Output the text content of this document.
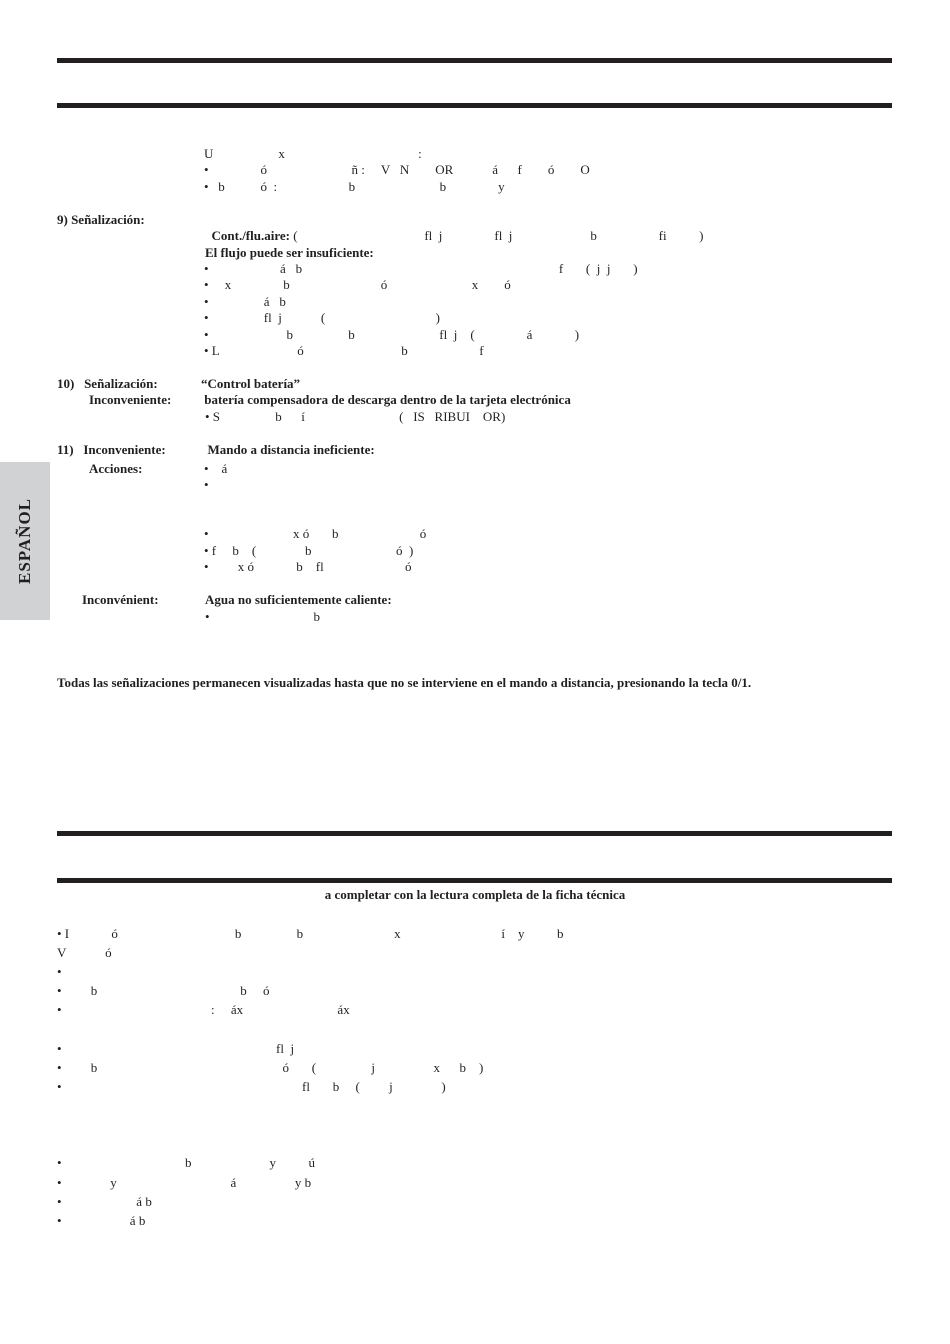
ESPAÑOL
U                    x                                         :
•                ó                          ñ :     V   N        OR            á      f        ó        O
•   b           ó  :                      b                          b                y
9) Señalización:

Cont./flu.aire: (                                       fl  j                fl  j                        b                   fi          )

El flujo puede ser insuficiente:
•                      á   b                                                                               f       (  j  j       )
•     x                b                            ó                          x        ó
•                 á   b
•                 fl  j            (                                  )
•                        b                 b                          fl  j    (                á             )
• L                        ó                              b                      f
10)   Señalización:	“Control batería”
Inconveniente: batería compensadora de descarga dentro de la tarjeta electrónica
• S                 b      í                             (   IS   RIBUI    OR)
11)   Inconveniente:	Mando a distancia ineficiente:
Acciones:	•    á
•
•                          x ó       b                         ó
• f     b    (               b                          ó  )
•         x ó             b    fl                         ó
Inconvénient:	Agua no suficientemente caliente:
•                                b
Todas las señalizaciones permanecen visualizadas hasta que no se interviene en el mando a distancia, presionando la tecla 0/1.
a completar con la lectura completa de la ficha técnica
• I             ó                                    b                 b                            x                               í    y          b
V            ó
•
•         b                                            b     ó
•                                              :     áx                             áx
•                                                                  fl  j
•         b                                                         ó       (                 j                  x      b    )
•                                                                          fl       b     (         j               )
•                                      b                        y          ú
•               y                                   á                  y b
•                       á b
•                     á b
